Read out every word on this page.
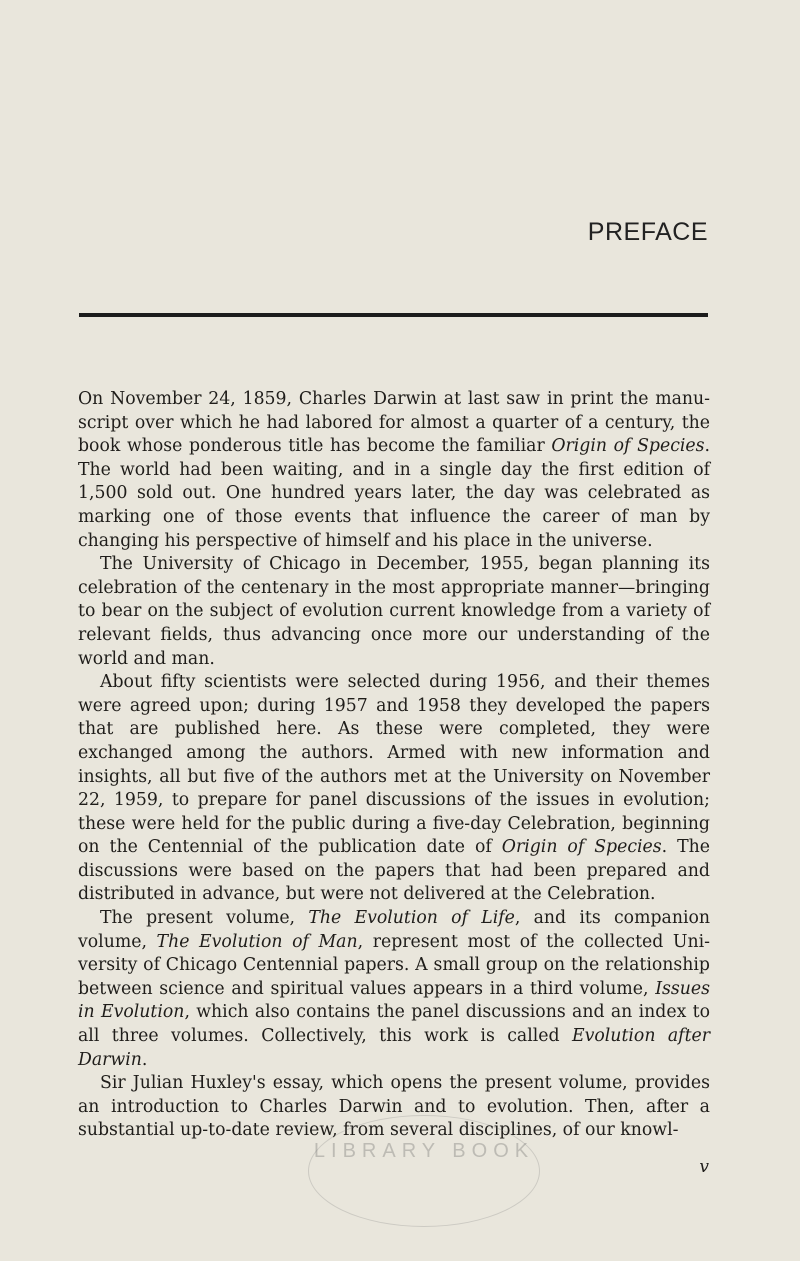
PREFACE

On November 24, 1859, Charles Darwin at last saw in print the manuscript over which he had labored for almost a quarter of a century, the book whose ponderous title has become the familiar Origin of Species. The world had been waiting, and in a single day the first edition of 1,500 sold out. One hundred years later, the day was celebrated as marking one of those events that influence the career of man by changing his perspective of himself and his place in the universe.

The University of Chicago in December, 1955, began planning its celebration of the centenary in the most appropriate manner—bringing to bear on the subject of evolution current knowledge from a variety of relevant fields, thus advancing once more our understanding of the world and man.

About fifty scientists were selected during 1956, and their themes were agreed upon; during 1957 and 1958 they developed the papers that are published here. As these were completed, they were exchanged among the authors. Armed with new information and insights, all but five of the authors met at the University on November 22, 1959, to prepare for panel discussions of the issues in evolution; these were held for the public during a five-day Celebration, beginning on the Centennial of the publication date of Origin of Species. The discussions were based on the papers that had been prepared and distributed in advance, but were not delivered at the Celebration.

The present volume, The Evolution of Life, and its companion volume, The Evolution of Man, represent most of the collected University of Chicago Centennial papers. A small group on the relationship between science and spiritual values appears in a third volume, Issues in Evolution, which also contains the panel discussions and an index to all three volumes. Collectively, this work is called Evolution after Darwin.

Sir Julian Huxley's essay, which opens the present volume, provides an introduction to Charles Darwin and to evolution. Then, after a substantial up-to-date review, from several disciplines, of our knowl-

LIBRARY BOOK
v
